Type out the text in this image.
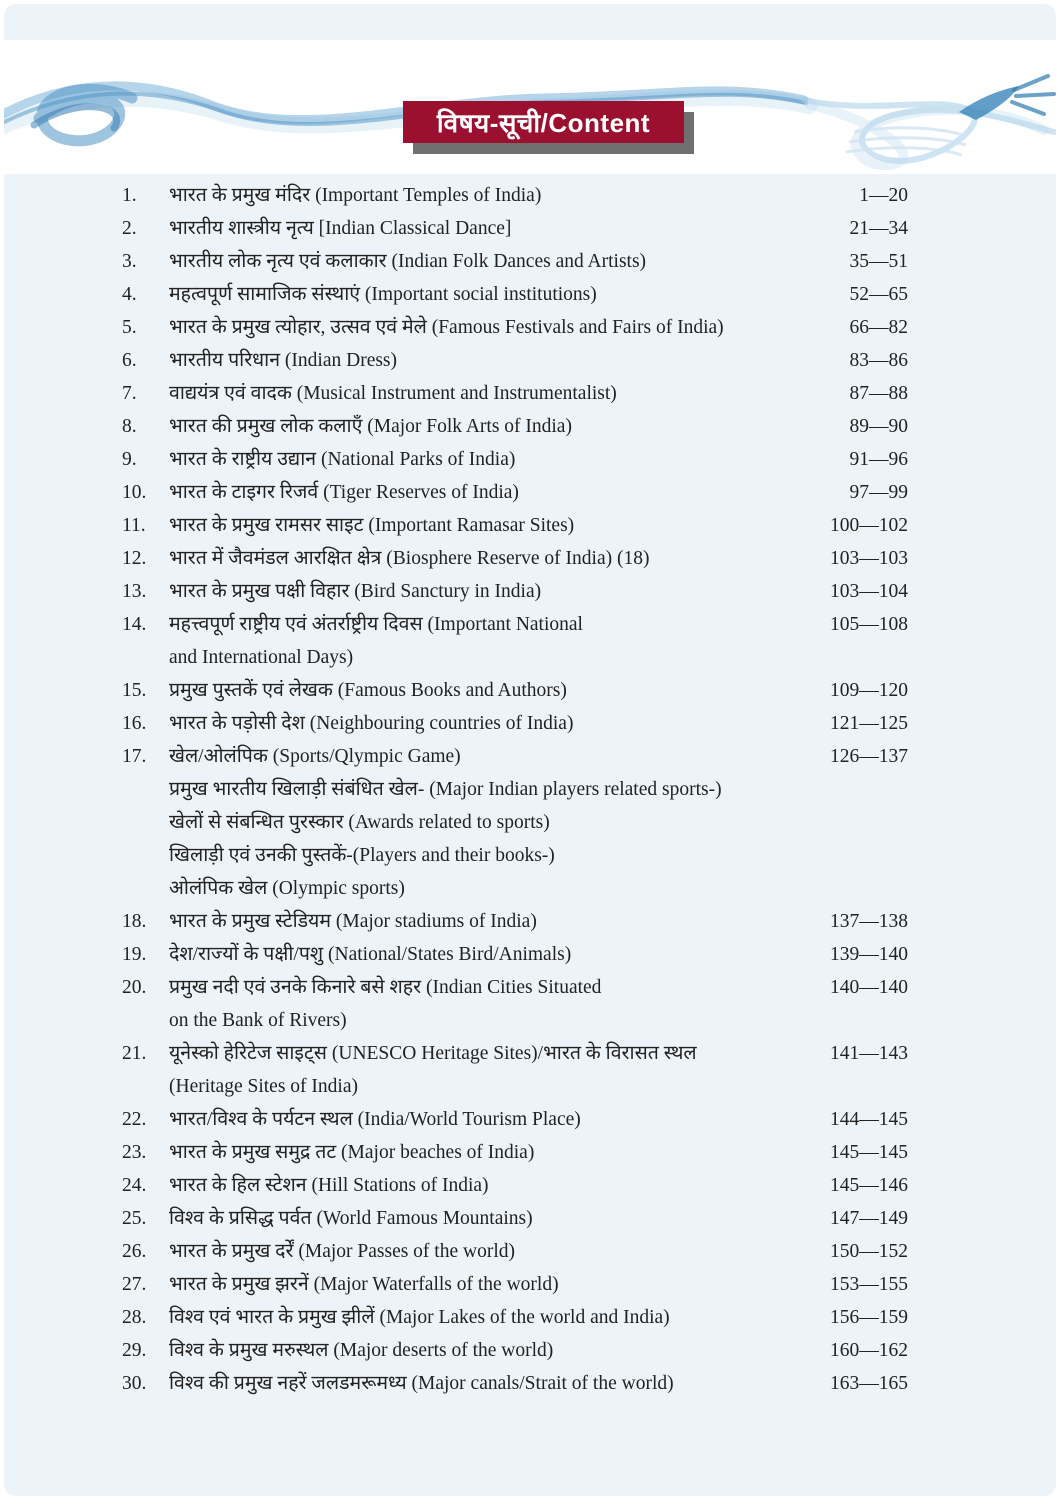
विषय-सूची/Content
1.	भारत के प्रमुख मंदिर (Important Temples of India)	1—20
2.	भारतीय शास्त्रीय नृत्य [Indian Classical Dance]	21—34
3.	भारतीय लोक नृत्य एवं कलाकार (Indian Folk Dances and Artists)	35—51
4.	महत्वपूर्ण सामाजिक संस्थाएं (Important social institutions)	52—65
5.	भारत के प्रमुख त्योहार, उत्सव एवं मेले (Famous Festivals and Fairs of India)	66—82
6.	भारतीय परिधान (Indian Dress)	83—86
7.	वाद्ययंत्र एवं वादक (Musical Instrument and Instrumentalist)	87—88
8.	भारत की प्रमुख लोक कलाएँ (Major Folk Arts of India)	89—90
9.	भारत के राष्ट्रीय उद्यान (National Parks of India)	91—96
10.	भारत के टाइगर रिजर्व (Tiger Reserves of India)	97—99
11.	भारत के प्रमुख रामसर साइट (Important Ramasar Sites)	100—102
12.	भारत में जैवमंडल आरक्षित क्षेत्र (Biosphere Reserve of India) (18)	103—103
13.	भारत के प्रमुख पक्षी विहार (Bird Sanctury in India)	103—104
14.	महत्त्वपूर्ण राष्ट्रीय एवं अंतर्राष्ट्रीय दिवस (Important National	105—108
and International Days)
15.	प्रमुख पुस्तकें एवं लेखक (Famous Books and Authors)	109—120
16.	भारत के पड़ोसी देश (Neighbouring countries of India)	121—125
17.	खेल/ओलंपिक (Sports/Qlympic Game)	126—137
प्रमुख भारतीय खिलाड़ी संबंधित खेल- (Major Indian players related sports-)
खेलों से संबन्धित पुरस्कार (Awards related to sports)
खिलाड़ी एवं उनकी पुस्तकें-(Players and their books-)
ओलंपिक खेल (Olympic sports)
18.	भारत के प्रमुख स्टेडियम (Major stadiums of India)	137—138
19.	देश/राज्यों के पक्षी/पशु (National/States Bird/Animals)	139—140
20.	प्रमुख नदी एवं उनके किनारे बसे शहर (Indian Cities Situated	140—140
on the Bank of Rivers)
21.	यूनेस्को हेरिटेज साइट्स (UNESCO Heritage Sites)/भारत के विरासत स्थल	141—143
(Heritage Sites of India)
22.	भारत/विश्व के पर्यटन स्थल (India/World Tourism Place)	144—145
23.	भारत के प्रमुख समुद्र तट (Major beaches of India)	145—145
24.	भारत के हिल स्टेशन (Hill Stations of India)	145—146
25.	विश्व के प्रसिद्ध पर्वत (World Famous Mountains)	147—149
26.	भारत के प्रमुख दर्रें (Major Passes of the world)	150—152
27.	भारत के प्रमुख झरनें (Major Waterfalls of the world)	153—155
28.	विश्व एवं भारत के प्रमुख झीलें (Major Lakes of the world and India)	156—159
29.	विश्व के प्रमुख मरुस्थल (Major deserts of the world)	160—162
30.	विश्व की प्रमुख नहरें जलडमरूमध्य (Major canals/Strait of the world)	163—165
